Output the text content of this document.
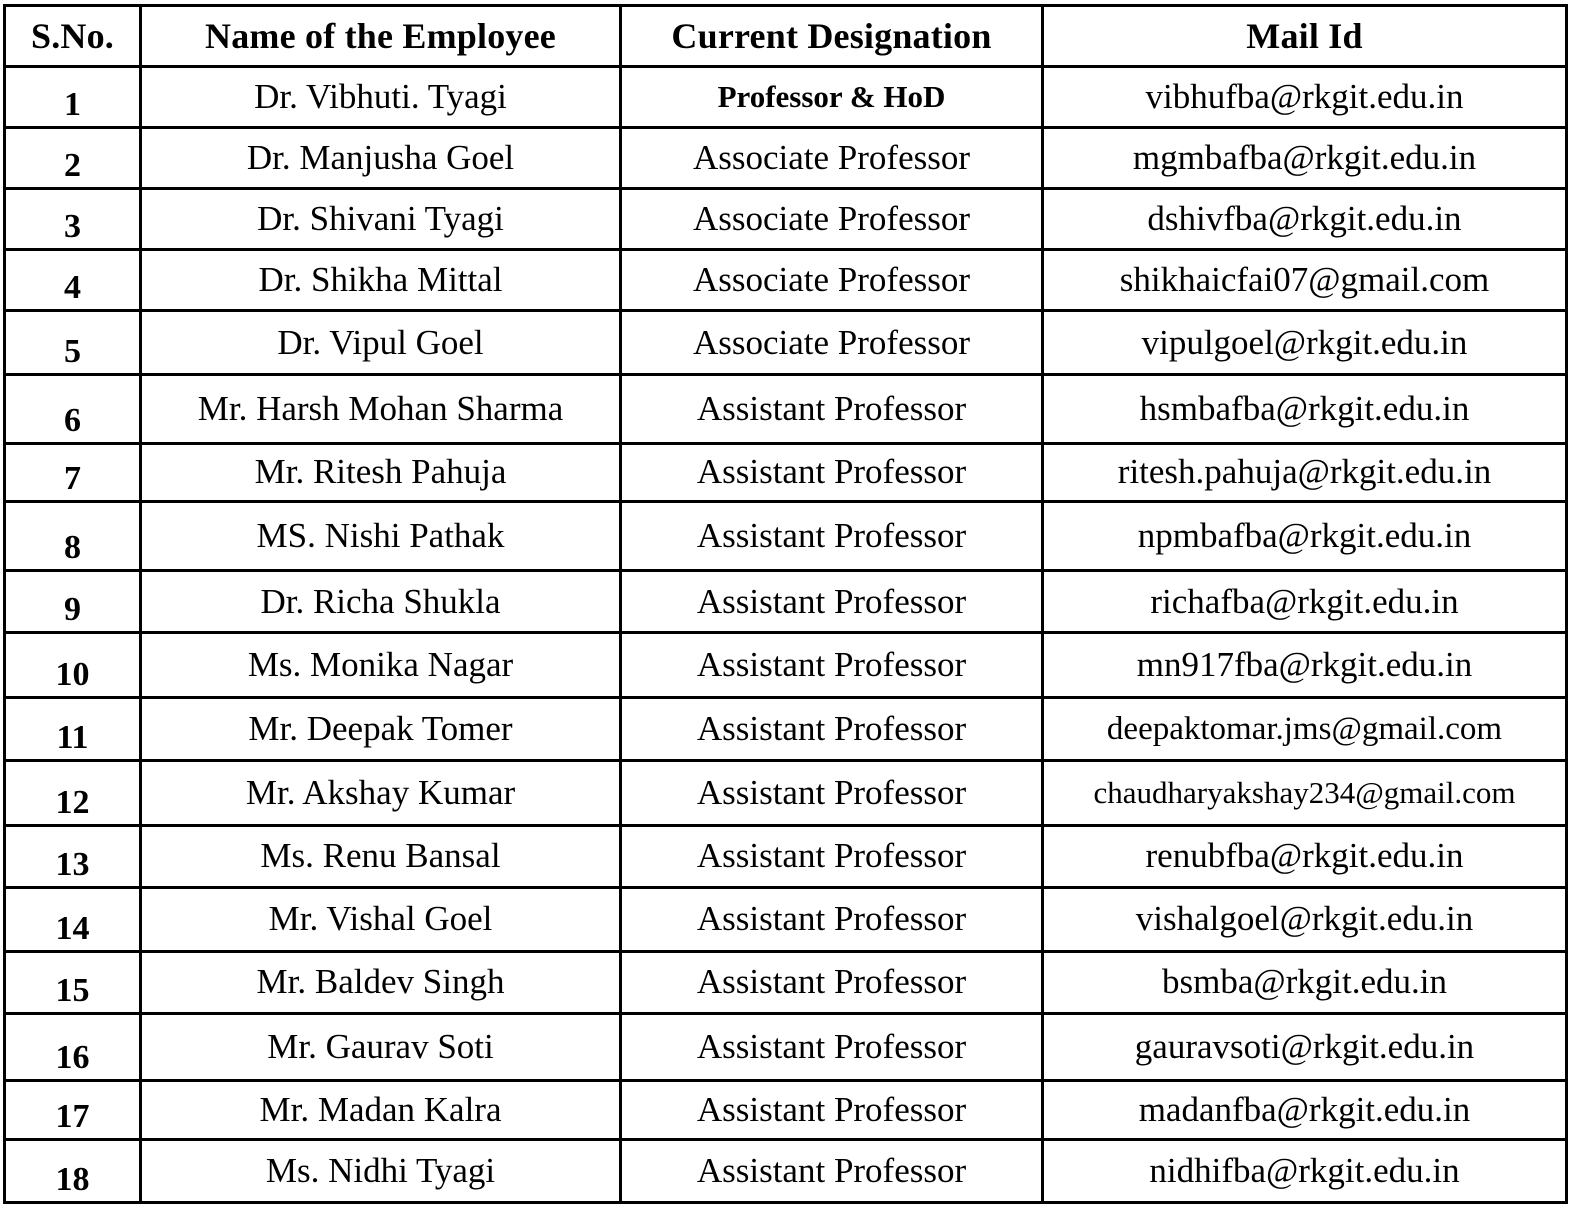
S.No.	Name of the Employee	Current Designation	Mail Id
1	Dr. Vibhuti. Tyagi	Professor & HoD	vibhufba@rkgit.edu.in
2	Dr. Manjusha Goel	Associate Professor	mgmbafba@rkgit.edu.in
3	Dr. Shivani Tyagi	Associate Professor	dshivfba@rkgit.edu.in
4	Dr. Shikha Mittal	Associate Professor	shikhaicfai07@gmail.com
5	Dr. Vipul Goel	Associate Professor	vipulgoel@rkgit.edu.in
6	Mr. Harsh Mohan Sharma	Assistant Professor	hsmbafba@rkgit.edu.in
7	Mr. Ritesh Pahuja	Assistant Professor	ritesh.pahuja@rkgit.edu.in
8	MS. Nishi Pathak	Assistant Professor	npmbafba@rkgit.edu.in
9	Dr. Richa Shukla	Assistant Professor	richafba@rkgit.edu.in
10	Ms. Monika Nagar	Assistant Professor	mn917fba@rkgit.edu.in
11	Mr. Deepak Tomer	Assistant Professor	deepaktomar.jms@gmail.com
12	Mr. Akshay Kumar	Assistant Professor	chaudharyakshay234@gmail.com
13	Ms. Renu Bansal	Assistant Professor	renubfba@rkgit.edu.in
14	Mr. Vishal Goel	Assistant Professor	vishalgoel@rkgit.edu.in
15	Mr. Baldev Singh	Assistant Professor	bsmba@rkgit.edu.in
16	Mr. Gaurav Soti	Assistant Professor	gauravsoti@rkgit.edu.in
17	Mr. Madan Kalra	Assistant Professor	madanfba@rkgit.edu.in
18	Ms. Nidhi Tyagi	Assistant Professor	nidhifba@rkgit.edu.in
